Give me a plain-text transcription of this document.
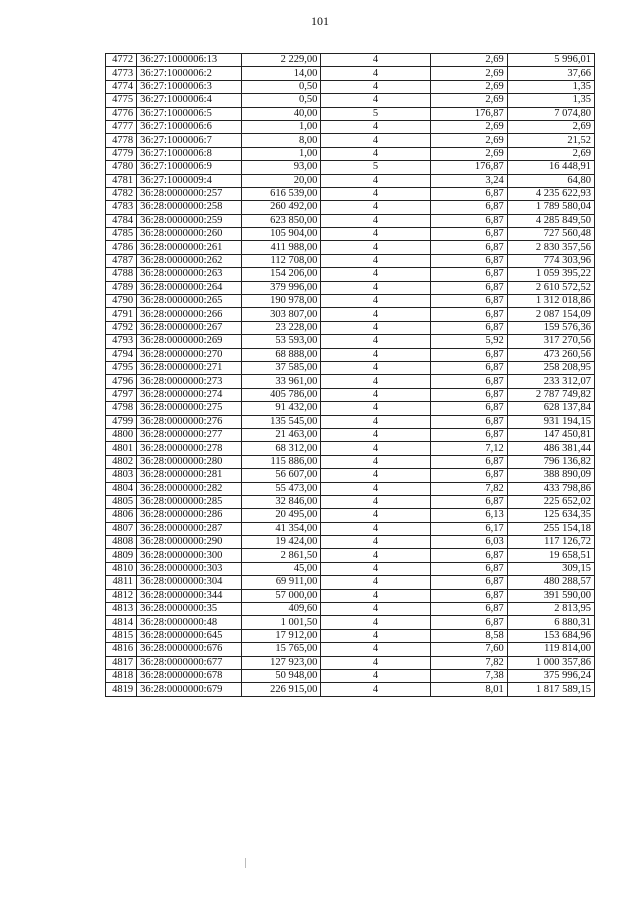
101
4772	36:27:1000006:13	2 229,00	4	2,69	5 996,01
4773	36:27:1000006:2	14,00	4	2,69	37,66
4774	36:27:1000006:3	0,50	4	2,69	1,35
4775	36:27:1000006:4	0,50	4	2,69	1,35
4776	36:27:1000006:5	40,00	5	176,87	7 074,80
4777	36:27:1000006:6	1,00	4	2,69	2,69
4778	36:27:1000006:7	8,00	4	2,69	21,52
4779	36:27:1000006:8	1,00	4	2,69	2,69
4780	36:27:1000006:9	93,00	5	176,87	16 448,91
4781	36:27:1000009:4	20,00	4	3,24	64,80
4782	36:28:0000000:257	616 539,00	4	6,87	4 235 622,93
4783	36:28:0000000:258	260 492,00	4	6,87	1 789 580,04
4784	36:28:0000000:259	623 850,00	4	6,87	4 285 849,50
4785	36:28:0000000:260	105 904,00	4	6,87	727 560,48
4786	36:28:0000000:261	411 988,00	4	6,87	2 830 357,56
4787	36:28:0000000:262	112 708,00	4	6,87	774 303,96
4788	36:28:0000000:263	154 206,00	4	6,87	1 059 395,22
4789	36:28:0000000:264	379 996,00	4	6,87	2 610 572,52
4790	36:28:0000000:265	190 978,00	4	6,87	1 312 018,86
4791	36:28:0000000:266	303 807,00	4	6,87	2 087 154,09
4792	36:28:0000000:267	23 228,00	4	6,87	159 576,36
4793	36:28:0000000:269	53 593,00	4	5,92	317 270,56
4794	36:28:0000000:270	68 888,00	4	6,87	473 260,56
4795	36:28:0000000:271	37 585,00	4	6,87	258 208,95
4796	36:28:0000000:273	33 961,00	4	6,87	233 312,07
4797	36:28:0000000:274	405 786,00	4	6,87	2 787 749,82
4798	36:28:0000000:275	91 432,00	4	6,87	628 137,84
4799	36:28:0000000:276	135 545,00	4	6,87	931 194,15
4800	36:28:0000000:277	21 463,00	4	6,87	147 450,81
4801	36:28:0000000:278	68 312,00	4	7,12	486 381,44
4802	36:28:0000000:280	115 886,00	4	6,87	796 136,82
4803	36:28:0000000:281	56 607,00	4	6,87	388 890,09
4804	36:28:0000000:282	55 473,00	4	7,82	433 798,86
4805	36:28:0000000:285	32 846,00	4	6,87	225 652,02
4806	36:28:0000000:286	20 495,00	4	6,13	125 634,35
4807	36:28:0000000:287	41 354,00	4	6,17	255 154,18
4808	36:28:0000000:290	19 424,00	4	6,03	117 126,72
4809	36:28:0000000:300	2 861,50	4	6,87	19 658,51
4810	36:28:0000000:303	45,00	4	6,87	309,15
4811	36:28:0000000:304	69 911,00	4	6,87	480 288,57
4812	36:28:0000000:344	57 000,00	4	6,87	391 590,00
4813	36:28:0000000:35	409,60	4	6,87	2 813,95
4814	36:28:0000000:48	1 001,50	4	6,87	6 880,31
4815	36:28:0000000:645	17 912,00	4	8,58	153 684,96
4816	36:28:0000000:676	15 765,00	4	7,60	119 814,00
4817	36:28:0000000:677	127 923,00	4	7,82	1 000 357,86
4818	36:28:0000000:678	50 948,00	4	7,38	375 996,24
4819	36:28:0000000:679	226 915,00	4	8,01	1 817 589,15
